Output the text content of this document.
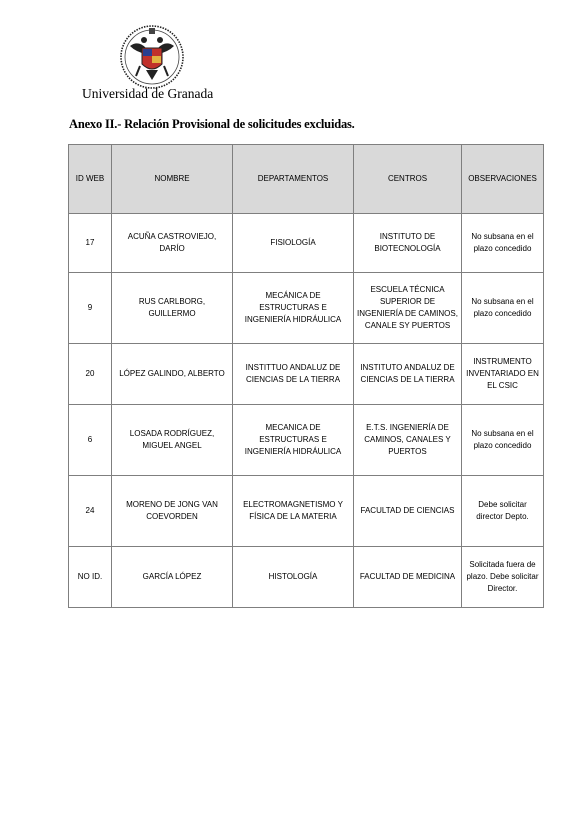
Universidad de Granada
Anexo II.- Relación Provisional de solicitudes excluidas.
ID WEB	NOMBRE	DEPARTAMENTOS	CENTROS	OBSERVACIONES
17	ACUÑA CASTROVIEJO, DARÍO	FISIOLOGÍA	INSTITUTO DE BIOTECNOLOGÍA	No subsana en el plazo concedido
9	RUS CARLBORG, GUILLERMO	MECÁNICA DE ESTRUCTURAS E INGENIERÍA HIDRÁULICA	ESCUELA TÉCNICA SUPERIOR DE INGENIERÍA DE CAMINOS, CANALE SY PUERTOS	No subsana en el plazo concedido
20	LÓPEZ GALINDO, ALBERTO	INSTITTUO ANDALUZ DE CIENCIAS DE LA TIERRA	INSTITUTO ANDALUZ DE CIENCIAS DE LA TIERRA	INSTRUMENTO INVENTARIADO EN EL CSIC
6	LOSADA RODRÍGUEZ, MIGUEL ANGEL	MECANICA DE ESTRUCTURAS E INGENIERÍA HIDRÁULICA	E.T.S. INGENIERÍA DE CAMINOS, CANALES Y PUERTOS	No subsana en el plazo concedido
24	MORENO DE JONG VAN COEVORDEN	ELECTROMAGNETISMO Y FÍSICA DE LA MATERIA	FACULTAD DE CIENCIAS	Debe solicitar director Depto.
NO ID.	GARCÍA LÓPEZ	HISTOLOGÍA	FACULTAD DE MEDICINA	Solicitada fuera de plazo. Debe solicitar Director.
